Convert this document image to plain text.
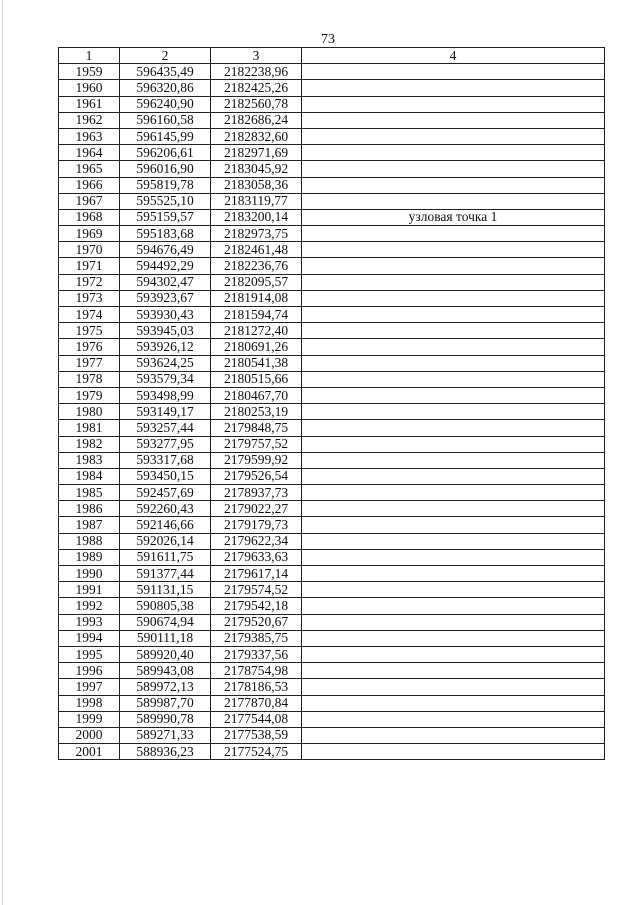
73
1	2	3	4
1959	596435,49	2182238,96	
1960	596320,86	2182425,26	
1961	596240,90	2182560,78	
1962	596160,58	2182686,24	
1963	596145,99	2182832,60	
1964	596206,61	2182971,69	
1965	596016,90	2183045,92	
1966	595819,78	2183058,36	
1967	595525,10	2183119,77	
1968	595159,57	2183200,14	узловая точка 1
1969	595183,68	2182973,75	
1970	594676,49	2182461,48	
1971	594492,29	2182236,76	
1972	594302,47	2182095,57	
1973	593923,67	2181914,08	
1974	593930,43	2181594,74	
1975	593945,03	2181272,40	
1976	593926,12	2180691,26	
1977	593624,25	2180541,38	
1978	593579,34	2180515,66	
1979	593498,99	2180467,70	
1980	593149,17	2180253,19	
1981	593257,44	2179848,75	
1982	593277,95	2179757,52	
1983	593317,68	2179599,92	
1984	593450,15	2179526,54	
1985	592457,69	2178937,73	
1986	592260,43	2179022,27	
1987	592146,66	2179179,73	
1988	592026,14	2179622,34	
1989	591611,75	2179633,63	
1990	591377,44	2179617,14	
1991	591131,15	2179574,52	
1992	590805,38	2179542,18	
1993	590674,94	2179520,67	
1994	590111,18	2179385,75	
1995	589920,40	2179337,56	
1996	589943,08	2178754,98	
1997	589972,13	2178186,53	
1998	589987,70	2177870,84	
1999	589990,78	2177544,08	
2000	589271,33	2177538,59	
2001	588936,23	2177524,75	
